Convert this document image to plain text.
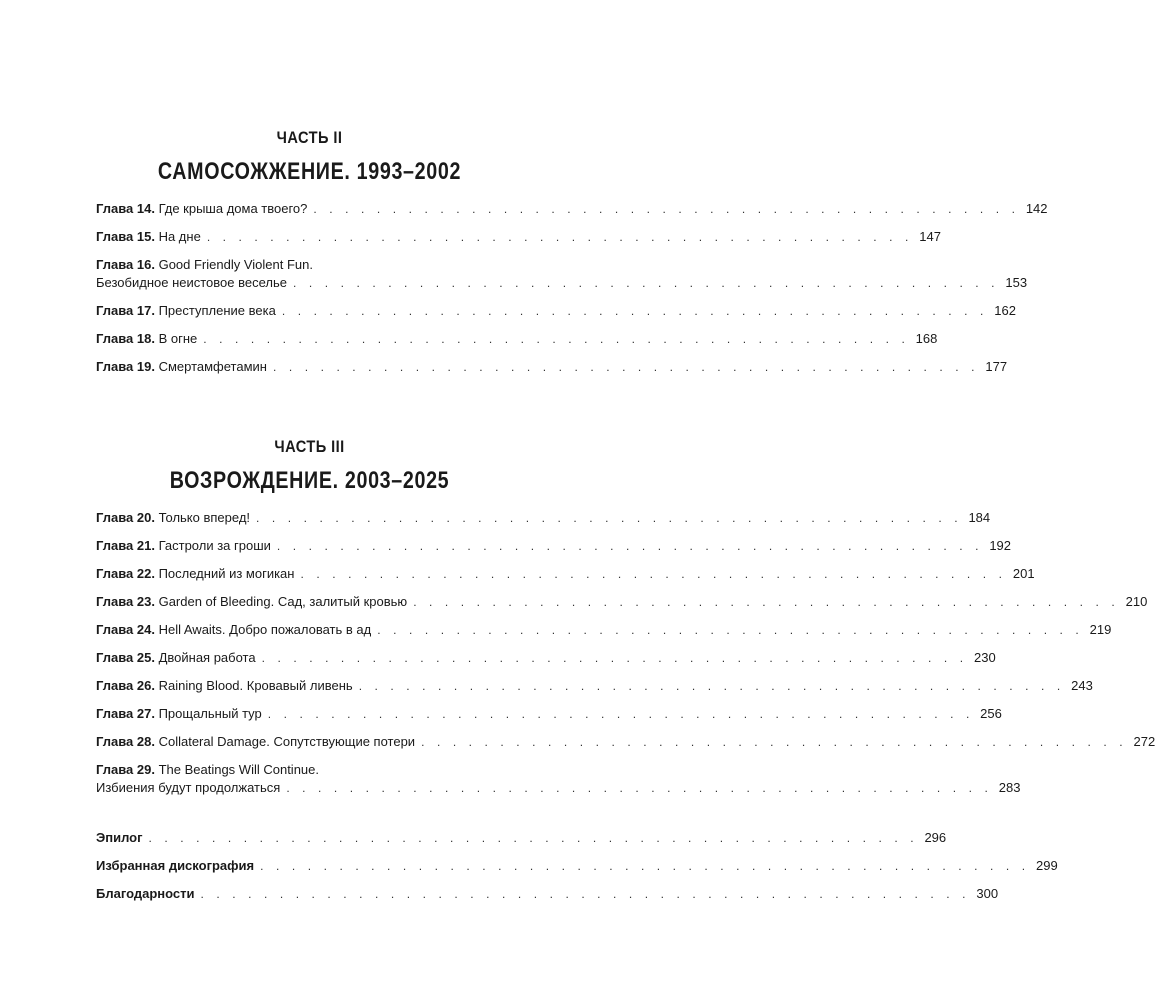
ЧАСТЬ II
САМОСОЖЖЕНИЕ. 1993–2002
Глава 14. Где крыша дома твоего? . . . . . . . . . . . . . . . . . . . . . . . . . . . . . . . . . . . . . . . . . . . . . 142
Глава 15. На дне . . . . . . . . . . . . . . . . . . . . . . . . . . . . . . . . . . . . . . . . . . . . . 147
Глава 16. Good Friendly Violent Fun.
Безобидное неистовое веселье . . . . . . . . . . . . . . . . . . . . . . . . . . . . . . . . . . . . . . . . . . . . . 153
Глава 17. Преступление века . . . . . . . . . . . . . . . . . . . . . . . . . . . . . . . . . . . . . . . . . . . . . 162
Глава 18. В огне . . . . . . . . . . . . . . . . . . . . . . . . . . . . . . . . . . . . . . . . . . . . . 168
Глава 19. Смертамфетамин . . . . . . . . . . . . . . . . . . . . . . . . . . . . . . . . . . . . . . . . . . . . . 177
ЧАСТЬ III
ВОЗРОЖДЕНИЕ. 2003–2025
Глава 20. Только вперед! . . . . . . . . . . . . . . . . . . . . . . . . . . . . . . . . . . . . . . . . . . . . . 184
Глава 21. Гастроли за гроши . . . . . . . . . . . . . . . . . . . . . . . . . . . . . . . . . . . . . . . . . . . . . 192
Глава 22. Последний из могикан . . . . . . . . . . . . . . . . . . . . . . . . . . . . . . . . . . . . . . . . . . . . . 201
Глава 23. Garden of Bleeding. Сад, залитый кровью . . . . . . . . . . . . . . . . . . . . . . . . . . . . . . . . . . . . . . . . . . . . . 210
Глава 24. Hell Awaits. Добро пожаловать в ад . . . . . . . . . . . . . . . . . . . . . . . . . . . . . . . . . . . . . . . . . . . . . 219
Глава 25. Двойная работа . . . . . . . . . . . . . . . . . . . . . . . . . . . . . . . . . . . . . . . . . . . . . 230
Глава 26. Raining Blood. Кровавый ливень . . . . . . . . . . . . . . . . . . . . . . . . . . . . . . . . . . . . . . . . . . . . . 243
Глава 27. Прощальный тур . . . . . . . . . . . . . . . . . . . . . . . . . . . . . . . . . . . . . . . . . . . . . 256
Глава 28. Collateral Damage. Сопутствующие потери . . . . . . . . . . . . . . . . . . . . . . . . . . . . . . . . . . . . . . . . . . . . . 272
Глава 29. The Beatings Will Continue.
Избиения будут продолжаться . . . . . . . . . . . . . . . . . . . . . . . . . . . . . . . . . . . . . . . . . . . . . 283
Эпилог . . . . . . . . . . . . . . . . . . . . . . . . . . . . . . . . . . . . . . . . . . . . . . . . . 296
Избранная дискография . . . . . . . . . . . . . . . . . . . . . . . . . . . . . . . . . . . . . . . . . . . . . . . . . 299
Благодарности . . . . . . . . . . . . . . . . . . . . . . . . . . . . . . . . . . . . . . . . . . . . . . . . . 300
